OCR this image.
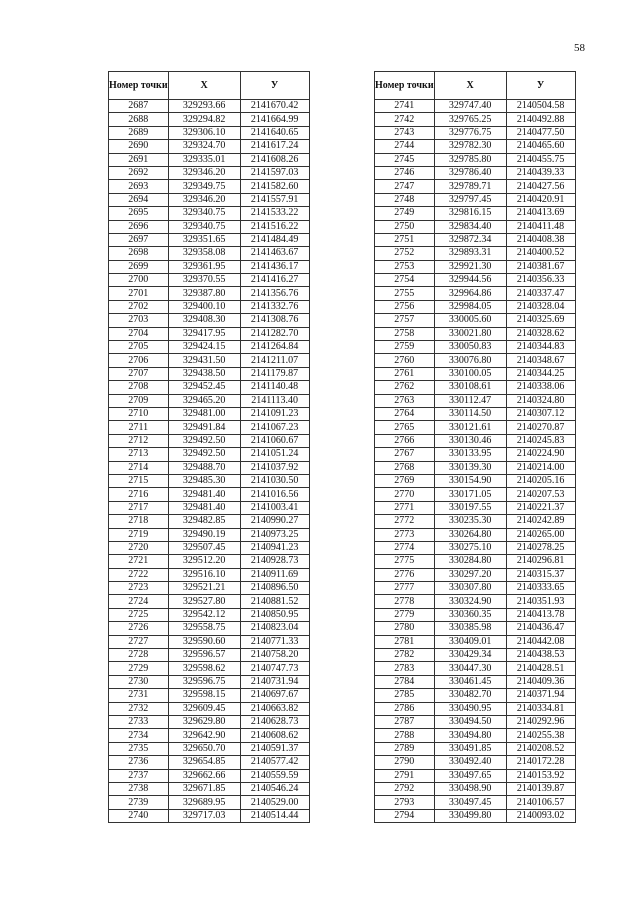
58
Номер точки	X	У
2687	329293.66	2141670.42
2688	329294.82	2141664.99
2689	329306.10	2141640.65
2690	329324.70	2141617.24
2691	329335.01	2141608.26
2692	329346.20	2141597.03
2693	329349.75	2141582.60
2694	329346.20	2141557.91
2695	329340.75	2141533.22
2696	329340.75	2141516.22
2697	329351.65	2141484.49
2698	329358.08	2141463.67
2699	329361.95	2141436.17
2700	329370.55	2141416.27
2701	329387.80	2141356.76
2702	329400.10	2141332.76
2703	329408.30	2141308.76
2704	329417.95	2141282.70
2705	329424.15	2141264.84
2706	329431.50	2141211.07
2707	329438.50	2141179.87
2708	329452.45	2141140.48
2709	329465.20	2141113.40
2710	329481.00	2141091.23
2711	329491.84	2141067.23
2712	329492.50	2141060.67
2713	329492.50	2141051.24
2714	329488.70	2141037.92
2715	329485.30	2141030.50
2716	329481.40	2141016.56
2717	329481.40	2141003.41
2718	329482.85	2140990.27
2719	329490.19	2140973.25
2720	329507.45	2140941.23
2721	329512.20	2140928.73
2722	329516.10	2140911.69
2723	329521.21	2140896.50
2724	329527.80	2140881.52
2725	329542.12	2140850.95
2726	329558.75	2140823.04
2727	329590.60	2140771.33
2728	329596.57	2140758.20
2729	329598.62	2140747.73
2730	329596.75	2140731.94
2731	329598.15	2140697.67
2732	329609.45	2140663.82
2733	329629.80	2140628.73
2734	329642.90	2140608.62
2735	329650.70	2140591.37
2736	329654.85	2140577.42
2737	329662.66	2140559.59
2738	329671.85	2140546.24
2739	329689.95	2140529.00
2740	329717.03	2140514.44
Номер точки	X	У
2741	329747.40	2140504.58
2742	329765.25	2140492.88
2743	329776.75	2140477.50
2744	329782.30	2140465.60
2745	329785.80	2140455.75
2746	329786.40	2140439.33
2747	329789.71	2140427.56
2748	329797.45	2140420.91
2749	329816.15	2140413.69
2750	329834.40	2140411.48
2751	329872.34	2140408.38
2752	329893.31	2140400.52
2753	329921.30	2140381.67
2754	329944.56	2140356.33
2755	329964.86	2140337.47
2756	329984.05	2140328.04
2757	330005.60	2140325.69
2758	330021.80	2140328.62
2759	330050.83	2140344.83
2760	330076.80	2140348.67
2761	330100.05	2140344.25
2762	330108.61	2140338.06
2763	330112.47	2140324.80
2764	330114.50	2140307.12
2765	330121.61	2140270.87
2766	330130.46	2140245.83
2767	330133.95	2140224.90
2768	330139.30	2140214.00
2769	330154.90	2140205.16
2770	330171.05	2140207.53
2771	330197.55	2140221.37
2772	330235.30	2140242.89
2773	330264.80	2140265.00
2774	330275.10	2140278.25
2775	330284.80	2140296.81
2776	330297.20	2140315.37
2777	330307.80	2140333.65
2778	330324.90	2140351.93
2779	330360.35	2140413.78
2780	330385.98	2140436.47
2781	330409.01	2140442.08
2782	330429.34	2140438.53
2783	330447.30	2140428.51
2784	330461.45	2140409.36
2785	330482.70	2140371.94
2786	330490.95	2140334.81
2787	330494.50	2140292.96
2788	330494.80	2140255.38
2789	330491.85	2140208.52
2790	330492.40	2140172.28
2791	330497.65	2140153.92
2792	330498.90	2140139.87
2793	330497.45	2140106.57
2794	330499.80	2140093.02
